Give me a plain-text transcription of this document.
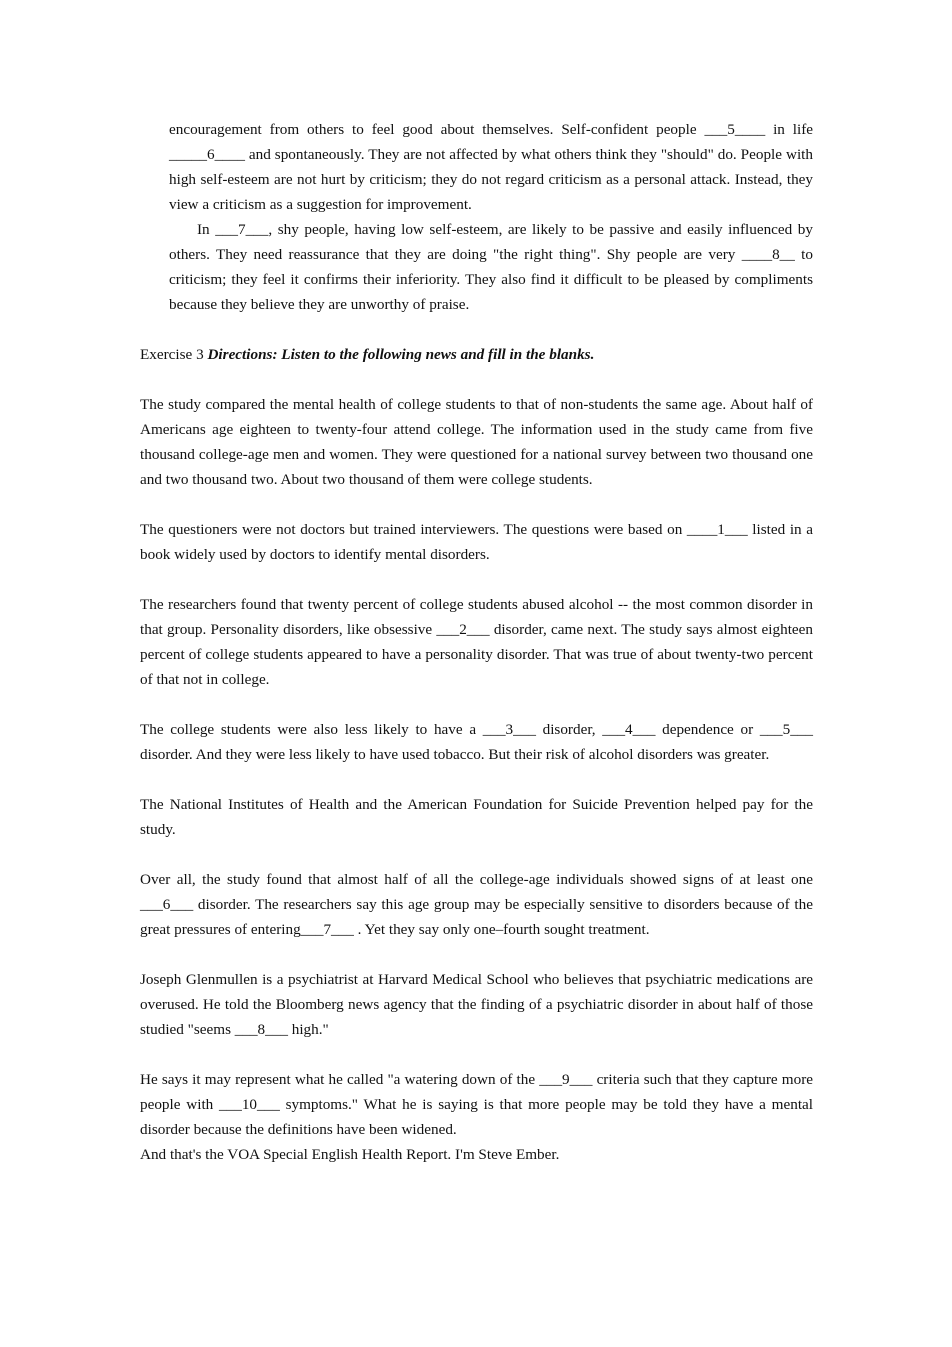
encouragement from others to feel good about themselves. Self-confident people ___5____ in life _____6____ and spontaneously. They are not affected by what others think they "should" do. People with high self-esteem are not hurt by criticism; they do not regard criticism as a personal attack. Instead, they view a criticism as a suggestion for improvement.

In ___7___, shy people, having low self-esteem, are likely to be passive and easily influenced by others. They need reassurance that they are doing "the right thing". Shy people are very ____8__ to criticism; they feel it confirms their inferiority. They also find it difficult to be pleased by compliments because they believe they are unworthy of praise.

Exercise 3 Directions: Listen to the following news and fill in the blanks.

The study compared the mental health of college students to that of non-students the same age. About half of Americans age eighteen to twenty-four attend college. The information used in the study came from five thousand college-age men and women. They were questioned for a national survey between two thousand one and two thousand two. About two thousand of them were college students.

The questioners were not doctors but trained interviewers. The questions were based on ____1___ listed in a book widely used by doctors to identify mental disorders.

The researchers found that twenty percent of college students abused alcohol -- the most common disorder in that group. Personality disorders, like obsessive ___2___ disorder, came next. The study says almost eighteen percent of college students appeared to have a personality disorder. That was true of about twenty-two percent of that not in college.

The college students were also less likely to have a ___3___ disorder, ___4___ dependence or ___5___ disorder. And they were less likely to have used tobacco. But their risk of alcohol disorders was greater.

The National Institutes of Health and the American Foundation for Suicide Prevention helped pay for the study.

Over all, the study found that almost half of all the college-age individuals showed signs of at least one ___6___ disorder. The researchers say this age group may be especially sensitive to disorders because of the great pressures of entering___7___ . Yet they say only one–fourth sought treatment.

Joseph Glenmullen is a psychiatrist at Harvard Medical School who believes that psychiatric medications are overused. He told the Bloomberg news agency that the finding of a psychiatric disorder in about half of those studied "seems ___8___ high."

He says it may represent what he called "a watering down of the ___9___ criteria such that they capture more people with ___10___ symptoms." What he is saying is that more people may be told they have a mental disorder because the definitions have been widened.

And that's the VOA Special English Health Report. I'm Steve Ember.
